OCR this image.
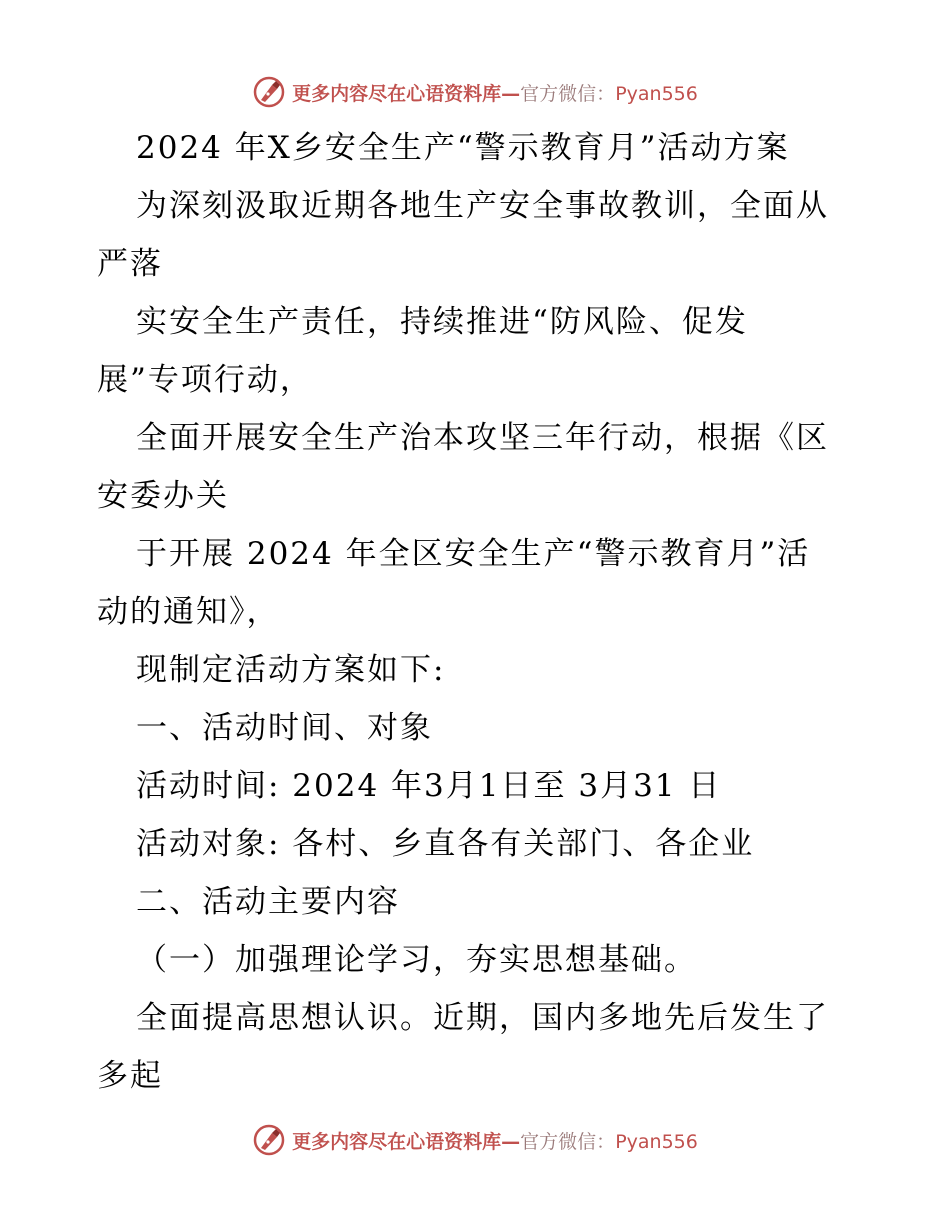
更多内容尽在心语资料库—官方微信：Pyan556
2024 年X乡安全生产“警示教育月”活动方案
为深刻汲取近期各地生产安全事故教训，全面从
严落
实安全生产责任，持续推进“防风险、促发
展”专项行动，
全面开展安全生产治本攻坚三年行动，根据《区
安委办关
于开展 2024 年全区安全生产“警示教育月”活
动的通知》，
现制定活动方案如下:
一、活动时间、对象
活动时间: 2024 年3月1日至 3月31 日
活动对象: 各村、乡直各有关部门、各企业
二、活动主要内容
（一）加强理论学习，夯实思想基础。
全面提高思想认识。近期，国内多地先后发生了
多起
更多内容尽在心语资料库—官方微信：Pyan556
